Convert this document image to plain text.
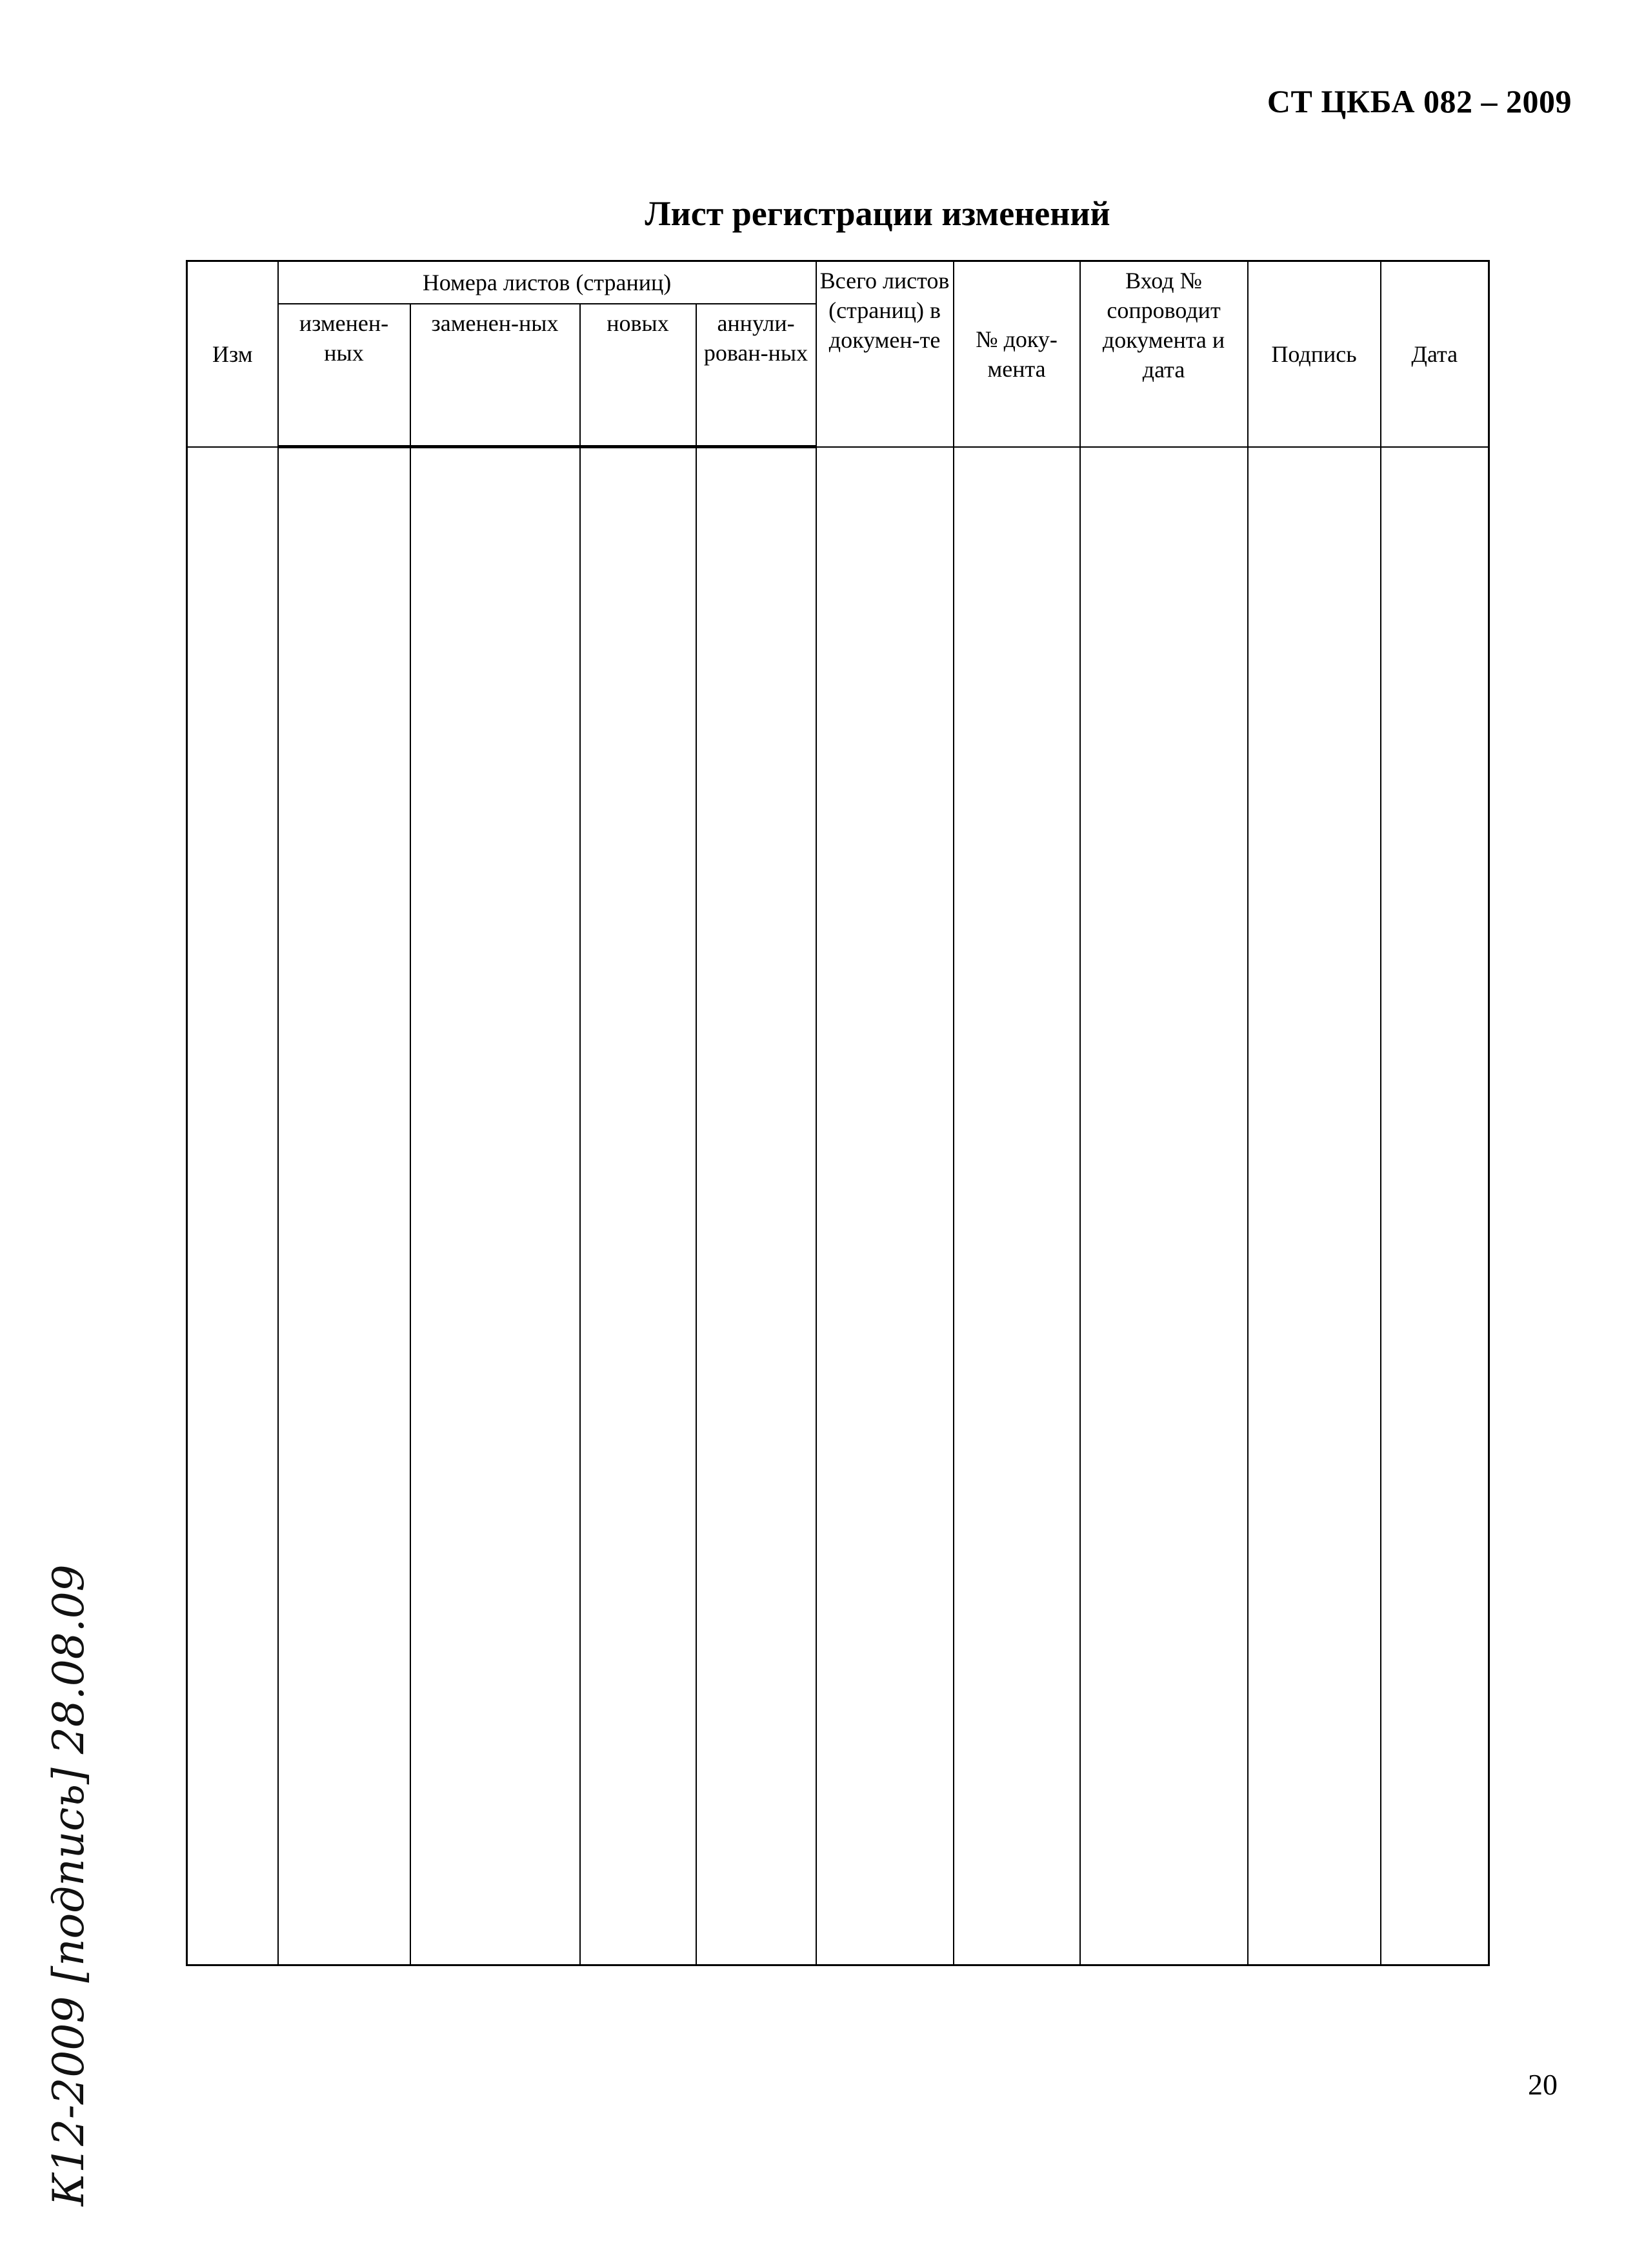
СТ ЦКБА 082 – 2009
Лист регистрации изменений
Изм	Номера листов (страниц)				Всего листов (страниц) в докумен-те	№ доку-мента	Вход № сопроводит документа и дата	Подпись	Дата
	изменен-ных	заменен-ных	новых	аннули-рован-ных					

К12-2009 [подпись] 28.08.09	20
